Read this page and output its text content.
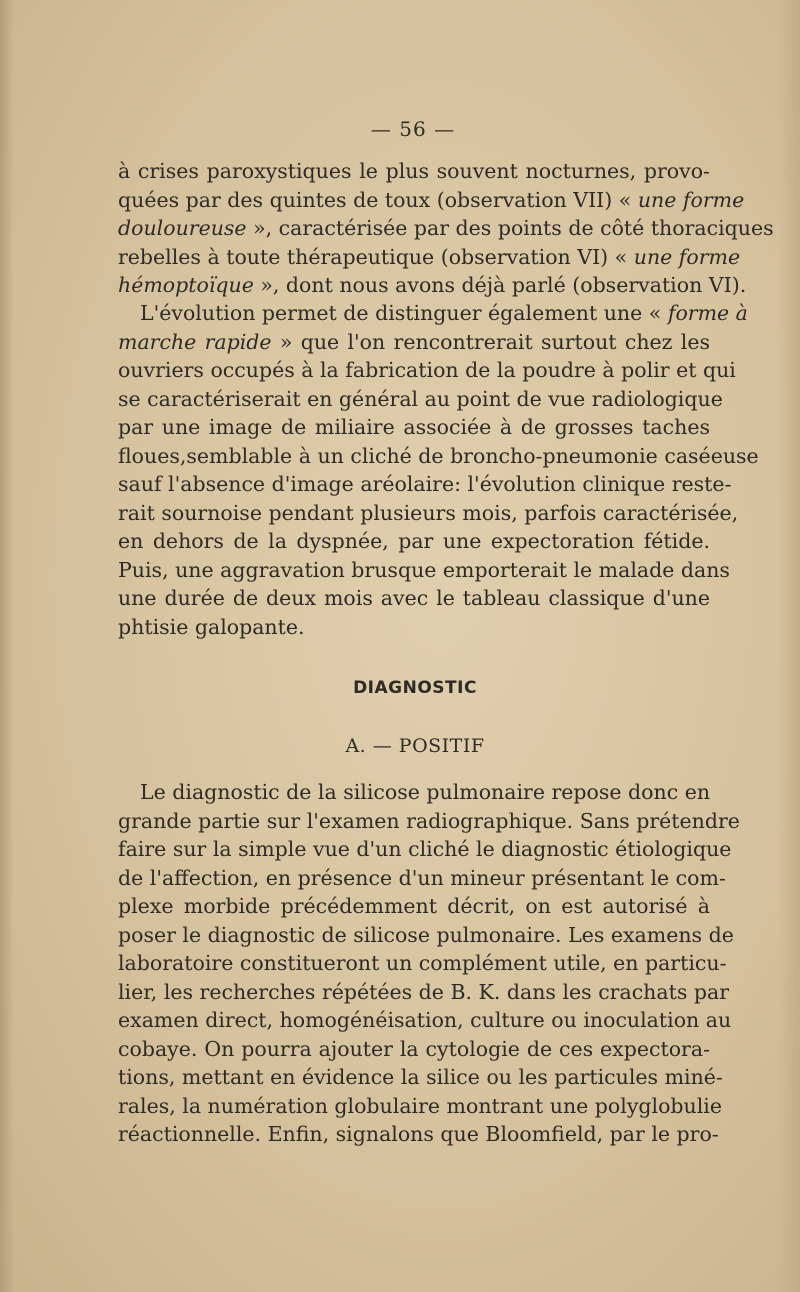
— 56 —
à crises paroxystiques le plus souvent nocturnes, provo-
quées par des quintes de toux (observation VII) « une forme
douloureuse », caractérisée par des points de côté thoraciques
rebelles à toute thérapeutique (observation VI) « une forme
hémoptoïque », dont nous avons déjà parlé (observation VI).
L'évolution permet de distinguer également une « forme à
marche rapide » que l'on rencontrerait surtout chez les
ouvriers occupés à la fabrication de la poudre à polir et qui
se caractériserait en général au point de vue radiologique
par une image de miliaire associée à de grosses taches
floues,semblable à un cliché de broncho-pneumonie caséeuse
sauf l'absence d'image aréolaire: l'évolution clinique reste-
rait sournoise pendant plusieurs mois, parfois caractérisée,
en dehors de la dyspnée, par une expectoration fétide.
Puis, une aggravation brusque emporterait le malade dans
une durée de deux mois avec le tableau classique d'une
phtisie galopante.
DIAGNOSTIC
A. — POSITIF
Le diagnostic de la silicose pulmonaire repose donc en
grande partie sur l'examen radiographique. Sans prétendre
faire sur la simple vue d'un cliché le diagnostic étiologique
de l'affection, en présence d'un mineur présentant le com-
plexe morbide précédemment décrit, on est autorisé à
poser le diagnostic de silicose pulmonaire. Les examens de
laboratoire constitueront un complément utile, en particu-
lier, les recherches répétées de B. K. dans les crachats par
examen direct, homogénéisation, culture ou inoculation au
cobaye. On pourra ajouter la cytologie de ces expectora-
tions, mettant en évidence la silice ou les particules miné-
rales, la numération globulaire montrant une polyglobulie
réactionnelle. Enfin, signalons que Bloomfield, par le pro-
